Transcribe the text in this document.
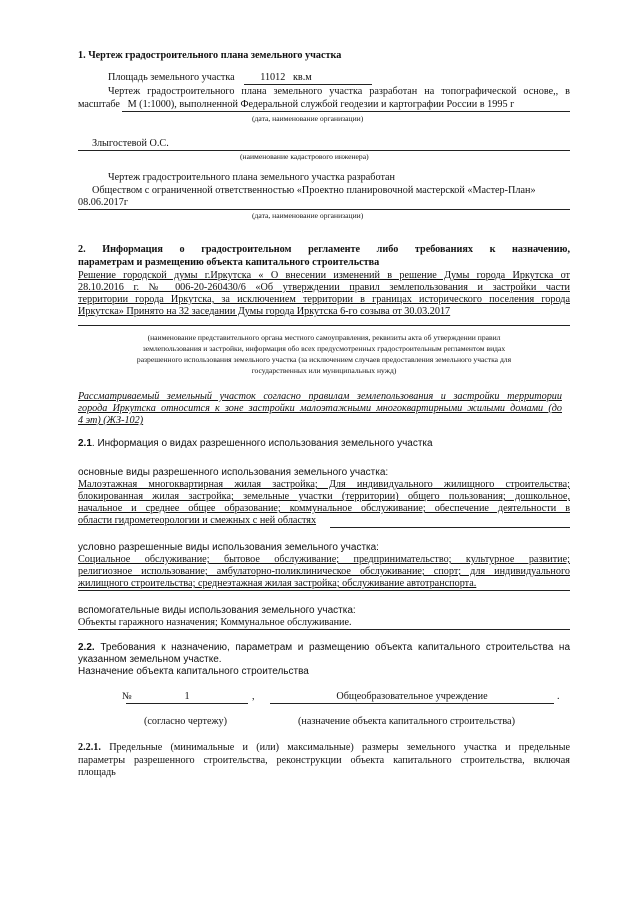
1. Чертеж градостроительного плана земельного участка
Площадь земельного участка	11012 кв.м
Чертеж градостроительного плана земельного участка разработан на топографической основе,, в
масштабе М (1:1000), выполненной Федеральной службой геодезии и картографии России в 1995 г
(дата, наименование организации)
Злыгостевой О.С.
(наименование кадастрового инженера)
Чертеж градостроительного плана земельного участка разработан
Обществом с ограниченной ответственностью «Проектно планировочной мастерской «Мастер-План»
08.06.2017г
(дата, наименование организации)
2. Информация о градостроительном регламенте либо требованиях к назначению,
параметрам и размещению объекта капитального строительства
Решение городской думы г.Иркутска « О внесении изменений в решение Думы города Иркутска от
28.10.2016 г. № 006-20-260430/6 «Об утверждении правил землепользования и застройки части
территории города Иркутска, за исключением территории в границах исторического поселения города
Иркутска» Принято на 32 заседании Думы города Иркутска 6-го созыва от 30.03.2017
(наименование представительного органа местного самоуправления, реквизиты акта об утверждении правил
землепользования и застройки, информация обо всех предусмотренных градостроительным регламентом видах
разрешенного использования земельного участка (за исключением случаев предоставления земельного участка для
государственных или муниципальных нужд)
Рассматриваемый земельный участок согласно правилам землепользования и застройки территории
города Иркутска относится к зоне застройки малоэтажными многоквартирными жилыми домами (до
4 эт) (ЖЗ-102)
2.1. Информация о видах разрешенного использования земельного участка
основные виды разрешенного использования земельного участка:
Малоэтажная многоквартирная жилая застройка; Для индивидуального жилищного строительства;
блокированная жилая застройка; земельные участки (территории) общего пользования; дошкольное,
начальное и среднее общее образование; коммунальное обслуживание; обеспечение деятельности в
области гидрометеорологии и смежных с ней областях
условно разрешенные виды использования земельного участка:
Социальное обслуживание; бытовое обслуживание; предпринимательство; культурное развитие;
религиозное использование; амбулаторно-поликлиническое обслуживание; спорт; для индивидуального
жилищного строительства; среднеэтажная жилая застройка; обслуживание автотранспорта.
вспомогательные виды использования земельного участка:
Объекты гаражного назначения; Коммунальное обслуживание.
2.2. Требования к назначению, параметрам и размещению объекта капитального строительства на
указанном земельном участке.
Назначение объекта капитального строительства
№	1	,	Общеобразовательное учреждение	.
(согласно чертежу)	(назначение объекта капитального строительства)
2.2.1. Предельные (минимальные и (или) максимальные) размеры земельного участка и предельные
параметры разрешенного строительства, реконструкции объекта капитального строительства, включая
площадь
